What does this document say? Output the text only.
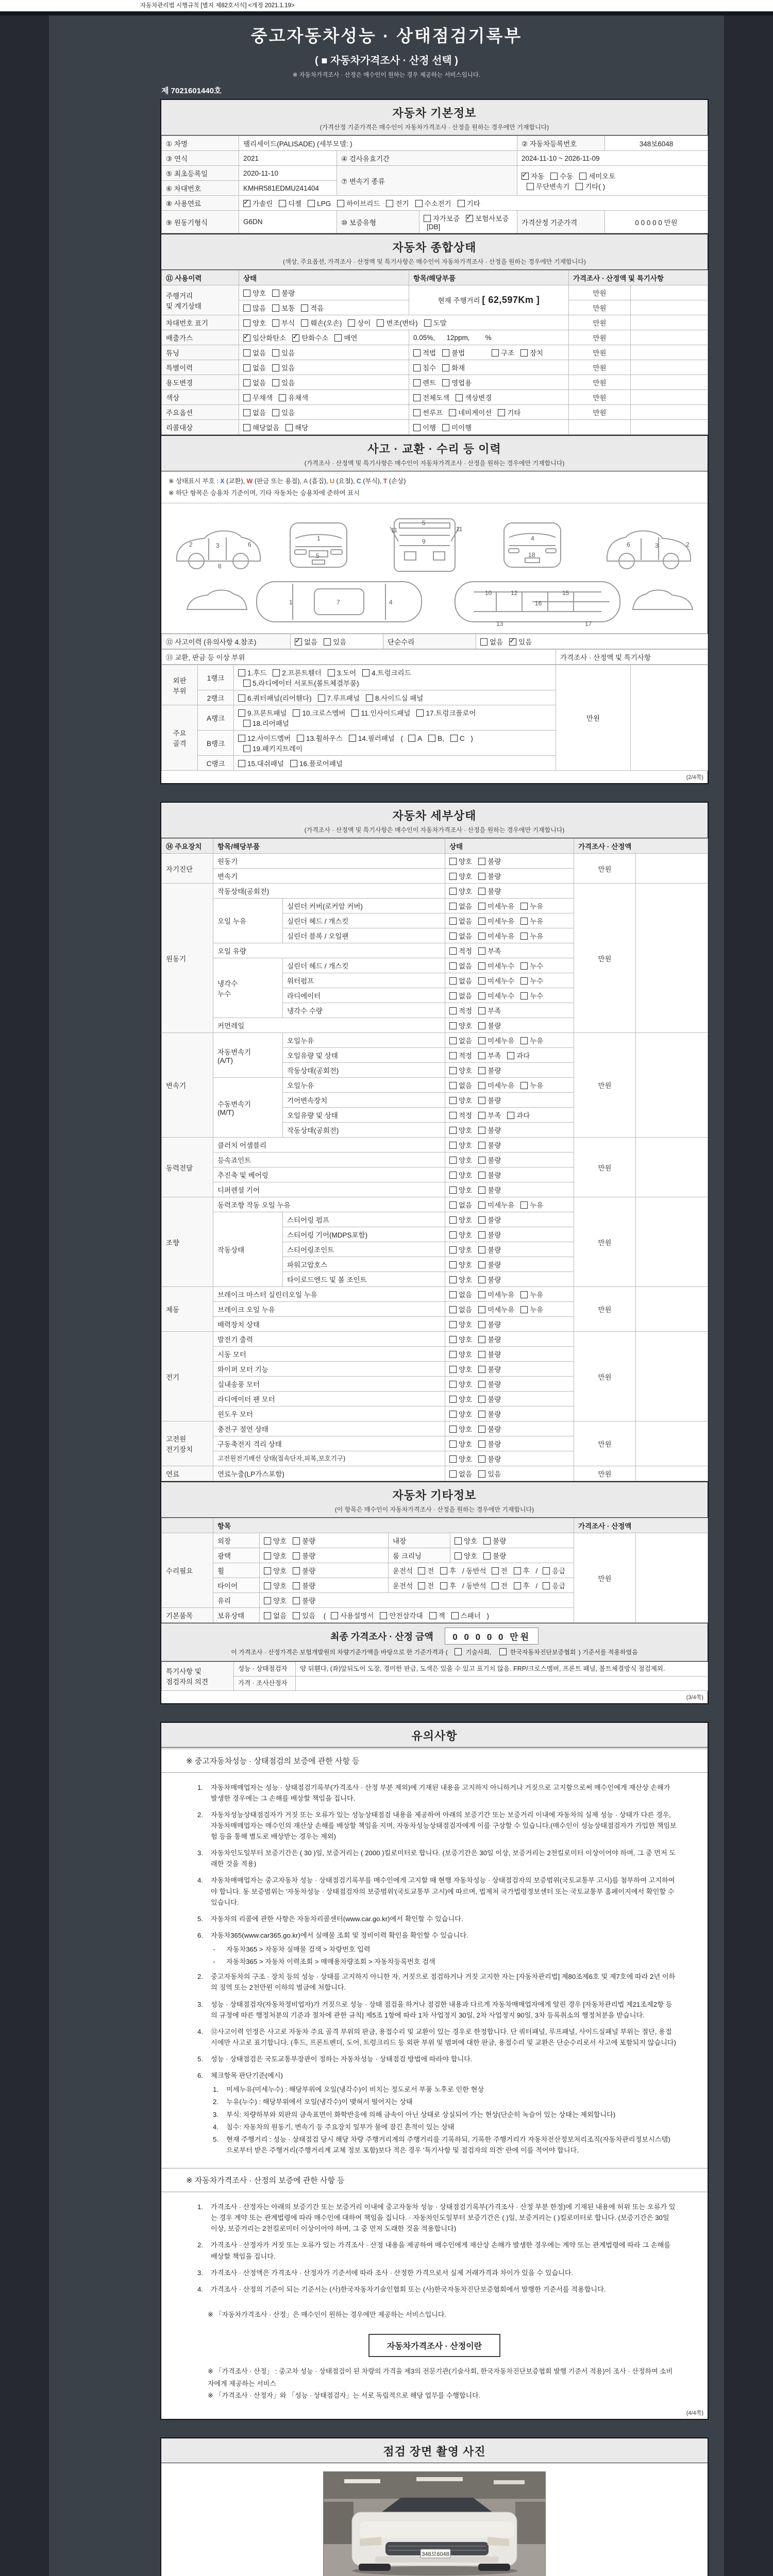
자동차관리법 시행규칙 [별지 제82호서식] <개정 2021.1.19>
중고자동차성능 · 상태점검기록부
( ■ 자동차가격조사 · 산정 선택 )
※ 자동차가격조사 · 산정은 매수인이 원하는 경우 제공하는 서비스입니다.
제 7021601440호
자동차 기본정보
(가격산정 기준가격은 매수인이 자동차가격조사 · 산정을 원하는 경우에만 기재합니다)
① 차명	팰리세이드(PALISADE) (세부모델: )			② 자동차등록번호	348보6048
③ 연식	2021	④ 검사유효기간		2024-11-10 ~ 2026-11-09	
⑤ 최초등록일	2020-11-10	⑦ 변속기 종류	✓자동 수동 세미오토
무단변속기 기타( )
⑥ 차대번호	KMHR581EDMU241404				
⑧ 사용연료	✓가솔린 디젤 LPG 하이브리드 전기 수소전기 기타
⑨ 원동기형식	G6DN	⑩ 보증유형	자가보증 ✓ 보험사보증 [DB]	가격산정 기준가격	0 0 0 0 0 만원
자동차 종합상태
(색상, 주요옵션, 가격조사 · 산정액 및 특기사항은 매수인이 자동차가격조사 · 산정을 원하는 경우에만 기재합니다)
⑪ 사용이력	상태	항목/해당부품	가격조사 · 산정액 및 특기사항	
주행거리
및 계기상태	양호 불량	현재 주행거리 [ 62,597Km ]	만원	
	많음 보통 적음		만원	
차대번호 표기	양호 부식 훼손(오손) 상이 변조(변타) 도말		만원	
배출가스	✓일산화탄소 ✓ 탄화수소 매연	0.05%,      12ppm,        %	만원	
튜닝	없음 있음	적법 불법 구조 장치	만원	
특별이력	없음 있음	침수 화재	만원	
용도변경	없음 있음	렌트 영업용	만원	
색상	무채색 유채색	전체도색 색상변경	만원	
주요옵션	없음 있음	썬루프 네비게이션 기타	만원	
리콜대상	해당없음 해당	이행 미이행		
사고 · 교환 · 수리 등 이력
(가격조사 · 산정액 및 특기사항은 매수인이 자동차가격조사 · 산정을 원하는 경우에만 기재합니다)
※ 상태표시 부호 : X (교환), W (판금 또는 용접), A (흠집), U (요철), C (부식), T (손상)
※ 하단 항목은 승용차 기준이며, 기타 자동차는 승용차에 준하여 표시
2	3	6
8
1
5
11	11
5
9	4
18
6	3	2
1	7	4
10	12
13
16
15
17
⑫ 사고이력 (유의사항 4.참조)	✓없음 있음	단순수리	없음 ✓ 있음
⑬ 교환, 판금 등 이상 부위	가격조사 · 산정액 및 특기사항
외판
부위	1랭크	1.후드 2.프론트휀더 3.도어 4.트렁크리드
5.라디에이터 서포트(볼트체결부품)	만원	
	2랭크	6.쿼터패널(리어휀다) 7.루프패널 8.사이드실 패널		
주요
골격	A랭크	9.프론트패널 10.크로스멤버 11.인사이드패널 17.트렁크플로어
18.리어패널		
	B랭크	12.사이드멤버 13.휠하우스 14.필러패널 ( A B, C )
19.패키지트레이		
	C랭크	15.대쉬패널 16.플로어패널		
(2/4쪽)
자동차 세부상태
(가격조사 · 산정액 및 특기사항은 매수인이 자동차가격조사 · 산정을 원하는 경우에만 기재합니다)
⑭ 주요장치	항목/해당부품		상태	가격조사 · 산정액	
자기진단	원동기		양호 불량	만원	
	변속기		양호 불량		
원동기	작동상태(공회전)		양호 불량	만원	
	오일 누유	실린더 커버(로커암 커버)	없음 미세누유 누유		
		실린더 헤드 / 개스킷	없음 미세누유 누유		
		실린더 블록 / 오일팬	없음 미세누유 누유		
	오일 유량		적정 부족		
	냉각수
누수	실린더 헤드 / 개스킷	없음 미세누수 누수		
		워터펌프	없음 미세누수 누수		
		라디에이터	없음 미세누수 누수		
		냉각수 수량	적정 부족		
	커먼레일		양호 불량		
변속기	자동변속기
(A/T)	오일누유	없음 미세누유 누유	만원	
		오일유량 및 상태	적정 부족 과다		
		작동상태(공회전)	양호 불량		
	수동변속기
(M/T)	오일누유	없음 미세누유 누유		
		기어변속장치	양호 불량		
		오일유량 및 상태	적정 부족 과다		
		작동상태(공회전)	양호 불량		
동력전달	클러치 어셈블리		양호 불량	만원	
	등속죠인트		양호 불량		
	추진축 및 베어링		양호 불량		
	디퍼렌셜 기어		양호 불량		
조향	동력조향 작동 오일 누유		없음 미세누유 누유	만원	
	작동상태	스티어링 펌프	양호 불량		
		스티어링 기어(MDPS포함)	양호 불량		
		스티어링조인트	양호 불량		
		파워고압호스	양호 불량		
		타이로드엔드 및 볼 조인트	양호 불량		
제동	브레이크 마스터 실린더오일 누유		없음 미세누유 누유	만원	
	브레이크 오일 누유		없음 미세누유 누유		
	배력장치 상태		양호 불량		
전기	발전기 출력		양호 불량	만원	
	시동 모터		양호 불량		
	와이퍼 모터 기능		양호 불량		
	실내송풍 모터		양호 불량		
	라디에이터 팬 모터		양호 불량		
	윈도우 모터		양호 불량		
고전원
전기장치	충전구 절연 상태		양호 불량	만원	
	구동축전지 격리 상태		양호 불량		
	고전원전기배선 상태(접속단자,피복,보호기구)		양호 불량		
연료	연료누출(LP가스포함)		없음 있음	만원	
자동차 기타정보
(이 항목은 매수인이 자동차가격조사 · 산정을 원하는 경우에만 기재합니다)
	항목				가격조사 · 산정액	
수리필요	외장	양호 불량	내장	양호 불량	만원	
	광택	양호 불량	룸 크리닝	양호 불량		
	휠	양호 불량	운전석 전 후 / 동반석 전 후 / 응급			
	타이어	양호 불량	운전석 전 후 / 동반석 전 후 / 응급			
	유리	양호 불량				
기본품목	보유상태	없음 있음  ( 사용설명서 안전삼각대 잭 스패너 )				
최종 가격조사 · 산정 금액 0 0 0 0 0 만원
이 가격조사 · 산정가격은 보험개발원의 차량기준가액을 바탕으로 한 기준가격과 (	기술사회,	한국자동차진단보증협회 ) 기준서를 적용하였음
특기사항 및
점검자의 의견	성능 · 상태점검자	양 뒤휀다, (좌)앞뒤도어 도장, 경미한 판금, 도색은 있을 수 있고 표기치 않음. FRP/크로스멤버, 프론트 패널, 볼트체결방식 점검제외.
	가격 · 조사산정자	
(3/4쪽)
유의사항
※ 중고자동차성능 · 상태점검의 보증에 관한 사항 등
1.	자동차매매업자는 성능 · 상태점검기록부(가격조사 · 산정 부분 제외)에 기재된 내용을 고지하지 아니하거나 거짓으로 고지함으로써 매수인에게 재산상 손해가 발생한 경우에는 그 손해를 배상할 책임을 집니다.
2.	자동차성능상태점검자가 거짓 또는 오류가 있는 성능상태점검 내용을 제공하여 아래의 보증기간 또는 보증거리 이내에 자동차의 실제 성능 · 상태가 다른 경우, 자동차매매업자는 매수인의 재산상 손해를 배상할 책임을 지며, 자동차성능상태점검자에게 이를 구상할 수 있습니다.(매수인이 성능상태점검자가 가입한 책임보험 등을 통해 별도로 배상받는 경우는 제외)
3.	자동차인도일부터 보증기간은 ( 30 )일, 보증거리는 ( 2000 )킬로미터로 합니다. (보증기간은 30일 이상, 보증거리는 2천킬로미터 이상이어야 하며, 그 중 먼저 도래한 것을 적용)
4.	자동차매매업자는 중고자동차 성능 · 상태점검기록부를 매수인에게 고지할 때 현행 자동차성능 · 상태점검자의 보증범위(국토교통부 고시)를 첨부하여 고지하여야 합니다. 동 보증범위는 '자동차성능 · 상태점검자의 보증범위'(국토교통부 고시)에 따르며, 법제처 국가법령정보센터 또는 국토교통부 홈페이지에서 확인할 수 있습니다.
5.	자동차의 리콜에 관한 사항은 자동차리콜센터(www.car.go.kr)에서 확인할 수 있습니다.
6.	자동차365(www.car365.go.kr)에서 실매물 조회 및 정비이력 확인을 확인할 수 있습니다.
-	자동차365 > 자동차 실매물 검색 > 차량번호 입력
-	자동차365 > 자동차 이력조회 > 매매용차량조회 > 자동차등록번호 검색
2.	중고자동차의 구조 · 장치 등의 성능 · 상태를 고지하지 아니한 자, 거짓으로 점검하거나 거짓 고지한 자는 [자동차관리법] 제80조제6호 및 제7호에 따라 2년 이하의 징역 또는 2천만원 이하의 벌금에 처합니다.
3.	성능 · 상태점검자(자동차정비업자)가 거짓으로 성능 · 상태 점검을 하거나 점검한 내용과 다르게 자동차매매업자에게 알린 경우 [자동차관리법 제21조제2항 등의 규정에 따른 행정처분의 기준과 절차에 관한 규칙] 제5조 1항에 따라 1차 사업정지 30일, 2차 사업정지 90일, 3차 등록취소의 행정처분을 받습니다.
4.	⑫사고이력 인정은 사고로 자동차 주요 골격 부위의 판금, 용접수리 및 교환이 있는 경우로 한정합니다. 단 쿼터패널, 루프패널, 사이드실패널 부위는 절단, 용접 시에만 사고로 표기합니다. (후드, 프론트펜더, 도어, 트렁크리드 등 외판 부위 및 범퍼에 대한 판금, 용접수리 및 교환은 단순수리로서 사고에 포함되지 않습니다)
5.	성능 · 상태점검은 국토교통부장관이 정하는 자동차성능 · 상태점검 방법에 따라야 합니다.
6.	체크항목 판단기준(예시)
1.	미세누유(미세누수) : 해당부위에 오일(냉각수)이 비치는 정도로서 부품 노후로 인한 현상
2.	누유(누수) : 해당부위에서 오일(냉각수)이 맺혀서 떨어지는 상태
3.	부식: 차량하부와 외판의 금속표면이 화학반응에 의해 금속이 아닌 상태로 상실되어 가는 현상(단순히 녹슬어 있는 상태는 제외합니다)
4.	침수: 자동차의 원동기, 변속기 등 주요장치 일부가 물에 잠긴 흔적이 있는 상태
5.	현재 주행거리 : 성능 · 상태점검 당시 해당 차량 주행거리계의 주행거리를 기록하되, 기록한 주행거리가 자동차전산정보처리조직(자동차관리정보시스템)으로부터 받은 주행거리(주행거리계 교체 정보 포함)보다 적은 경우 '특기사항 및 점검자의 의견' 란에 이를 적어야 합니다.
※ 자동차가격조사 · 산정의 보증에 관한 사항 등
1.	가격조사 · 산정자는 아래의 보증기간 또는 보증거리 이내에 중고자동차 성능 · 상태점검기록부(가격조사 · 산정 부분 한정)에 기재된 내용에 허위 또는 오류가 있는 경우 계약 또는 관계법령에 따라 매수인에 대하여 책임을 집니다. · 자동차인도일부터 보증기간은 ( )일, 보증거리는 ( )킬로미터로 합니다. (보증기간은 30일 이상, 보증거리는 2천킬로미터 이상이어야 하며, 그 중 먼저 도래한 것을 적용합니다)
2.	가격조사 · 산정자가 거짓 또는 오류가 있는 가격조사 · 산정 내용을 제공하여 매수인에게 재산상 손해가 발생한 경우에는 계약 또는 관계법령에 따라 그 손해를 배상할 책임을 집니다.
3.	가격조사 · 산정액은 가격조사 · 산정자가 기준서에 따라 조사 · 산정한 가격으로서 실제 거래가격과 차이가 있을 수 있습니다.
4.	가격조사 · 산정의 기준이 되는 기준서는 (사)한국자동차기술인협회 또는 (사)한국자동차진단보증협회에서 발행한 기준서를 적용합니다.
※ 「자동차가격조사 · 산정」은 매수인이 원하는 경우에만 제공하는 서비스입니다.
자동차가격조사 · 산정이란
※ 「가격조사 · 산정」 : 중고차 성능 · 상태점검이 된 차량의 가격을 제3의 전문기관(기술사회, 한국자동차진단보증협회 발행 기준서 적용)이 조사 · 산정하여 소비자에게 제공하는 서비스
※ 「가격조사 · 산정자」와 「성능 · 상태점검자」는 서로 독립적으로 해당 업무를 수행합니다.
(4/4쪽)
점검 장면 촬영 사진
348보6048
